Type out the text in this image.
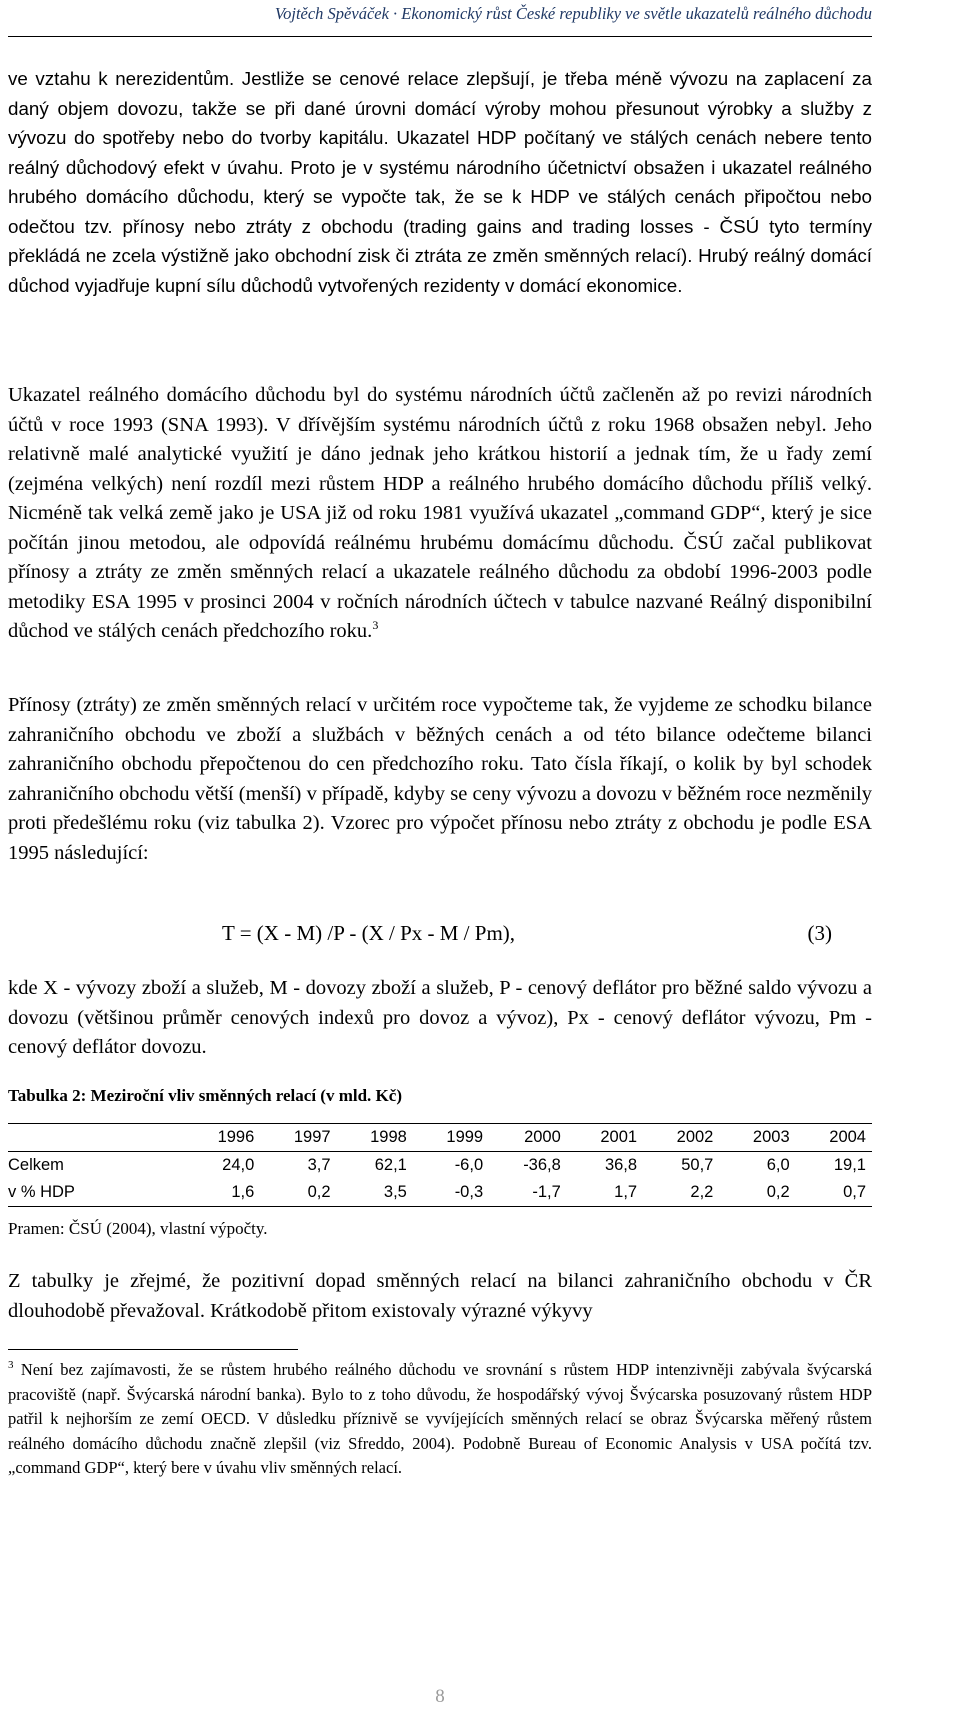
Vojtěch Spěváček · Ekonomický růst České republiky ve světle ukazatelů reálného důchodu

ve vztahu k nerezidentům. Jestliže se cenové relace zlepšují, je třeba méně vývozu na zaplacení za daný objem dovozu, takže se při dané úrovni domácí výroby mohou přesunout výrobky a služby z vývozu do spotřeby nebo do tvorby kapitálu. Ukazatel HDP počítaný ve stálých cenách nebere tento reálný důchodový efekt v úvahu. Proto je v systému národního účetnictví obsažen i ukazatel reálného hrubého domácího důchodu, který se vypočte tak, že se k HDP ve stálých cenách připočtou nebo odečtou tzv. přínosy nebo ztráty z obchodu (trading gains and trading losses - ČSÚ tyto termíny překládá ne zcela výstižně jako obchodní zisk či ztráta ze změn směnných relací). Hrubý reálný domácí důchod vyjadřuje kupní sílu důchodů vytvořených rezidenty v domácí ekonomice.

Ukazatel reálného domácího důchodu byl do systému národních účtů začleněn až po revizi národních účtů v roce 1993 (SNA 1993). V dřívějším systému národních účtů z roku 1968 obsažen nebyl. Jeho relativně malé analytické využití je dáno jednak jeho krátkou historií a jednak tím, že u řady zemí (zejména velkých) není rozdíl mezi růstem HDP a reálného hrubého domácího důchodu příliš velký. Nicméně tak velká země jako je USA již od roku 1981 využívá ukazatel „command GDP“, který je sice počítán jinou metodou, ale odpovídá reálnému hrubému domácímu důchodu. ČSÚ začal publikovat přínosy a ztráty ze změn směnných relací a ukazatele reálného důchodu za období 1996-2003 podle metodiky ESA 1995 v prosinci 2004 v ročních národních účtech v tabulce nazvané Reálný disponibilní důchod ve stálých cenách předchozího roku.$^3$

Přínosy (ztráty) ze změn směnných relací v určitém roce vypočteme tak, že vyjdeme ze schodku bilance zahraničního obchodu ve zboží a službách v běžných cenách a od této bilance odečteme bilanci zahraničního obchodu přepočtenou do cen předchozího roku. Tato čísla říkají, o kolik by byl schodek zahraničního obchodu větší (menší) v případě, kdyby se ceny vývozu a dovozu v běžném roce nezměnily proti předešlému roku (viz tabulka 2). Vzorec pro výpočet přínosu nebo ztráty z obchodu je podle ESA 1995 následující:

T = (X - M) /P - (X / Px - M / Pm),	(3)

kde X - vývozy zboží a služeb, M - dovozy zboží a služeb, P - cenový deflátor pro běžné saldo vývozu a dovozu (většinou průměr cenových indexů pro dovoz a vývoz), Px - cenový deflátor vývozu, Pm - cenový deflátor dovozu.

Tabulka 2: Meziroční vliv směnných relací (v mld. Kč)
	1996	1997	1998	1999	2000	2001	2002	2003	2004
Celkem	24,0	3,7	62,1	-6,0	-36,8	36,8	50,7	6,0	19,1
v % HDP	1,6	0,2	3,5	-0,3	-1,7	1,7	2,2	0,2	0,7
Pramen: ČSÚ (2004), vlastní výpočty.

Z tabulky je zřejmé, že pozitivní dopad směnných relací na bilanci zahraničního obchodu v ČR dlouhodobě převažoval. Krátkodobě přitom existovaly výrazné výkyvy

$^3$ Není bez zajímavosti, že se růstem hrubého reálného důchodu ve srovnání s růstem HDP intenzivněji zabývala švýcarská pracoviště (např. Švýcarská národní banka). Bylo to z toho důvodu, že hospodářský vývoj Švýcarska posuzovaný růstem HDP patřil k nejhorším ze zemí OECD. V důsledku příznivě se vyvíjejících směnných relací se obraz Švýcarska měřený růstem reálného domácího důchodu značně zlepšil (viz Sfreddo, 2004). Podobně Bureau of Economic Analysis v USA počítá tzv. „command GDP“, který bere v úvahu vliv směnných relací.

8
